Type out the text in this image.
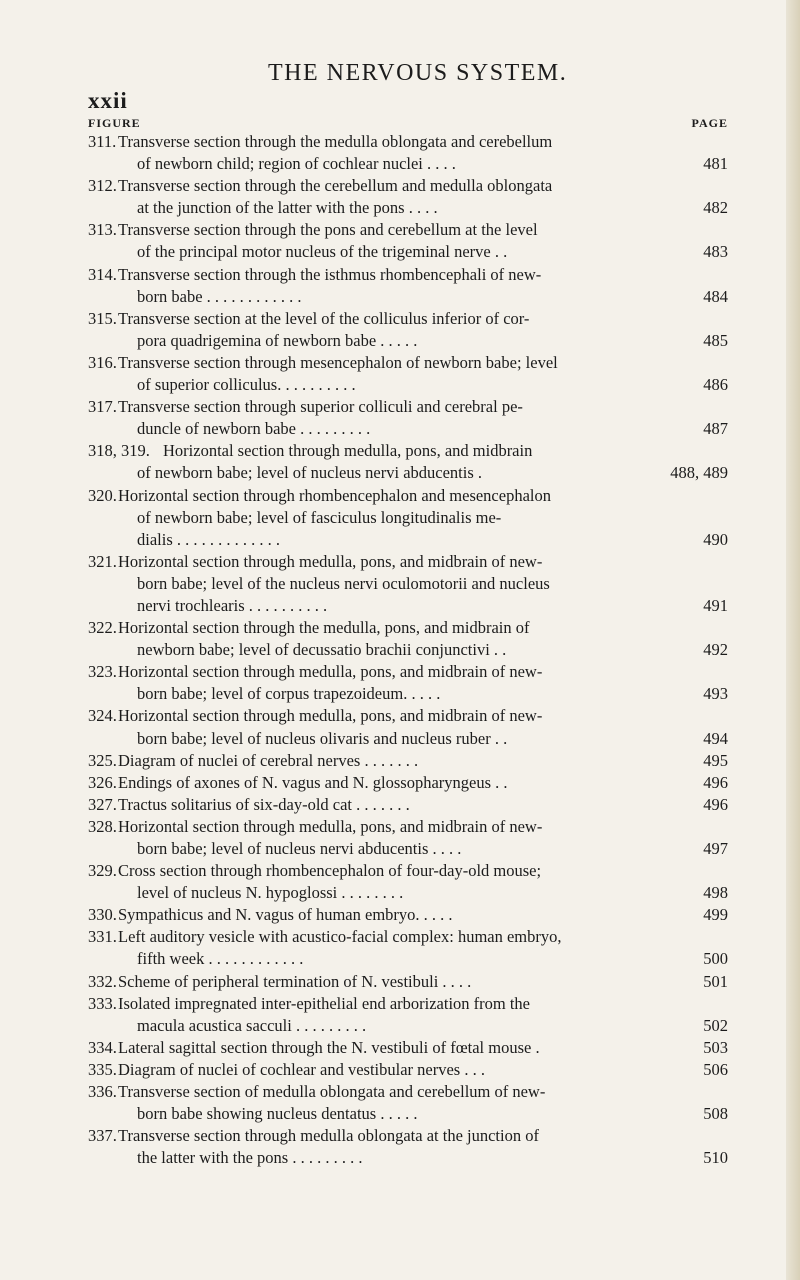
xxii
THE NERVOUS SYSTEM.
FIGURE	PAGE
311. Transverse section through the medulla oblongata and cerebellum
of newborn child; region of cochlear nuclei . . . .	481
312. Transverse section through the cerebellum and medulla oblongata
at the junction of the latter with the pons . . . .	482
313. Transverse section through the pons and cerebellum at the level
of the principal motor nucleus of the trigeminal nerve . .	483
314. Transverse section through the isthmus rhombencephali of new-
born babe . . . . . . . . . . . .	484
315. Transverse section at the level of the colliculus inferior of cor-
pora quadrigemina of newborn babe . . . . .	485
316. Transverse section through mesencephalon of newborn babe; level
of superior colliculus. . . . . . . . . .	486
317. Transverse section through superior colliculi and cerebral pe-
duncle of newborn babe . . . . . . . . .	487
318, 319. Horizontal section through medulla, pons, and midbrain
of newborn babe; level of nucleus nervi abducentis .	488, 489
320. Horizontal section through rhombencephalon and mesencephalon
of newborn babe; level of fasciculus longitudinalis me-
dialis . . . . . . . . . . . . .	490
321. Horizontal section through medulla, pons, and midbrain of new-
born babe; level of the nucleus nervi oculomotorii and nucleus
nervi trochlearis . . . . . . . . . .	491
322. Horizontal section through the medulla, pons, and midbrain of
newborn babe; level of decussatio brachii conjunctivi . .	492
323. Horizontal section through medulla, pons, and midbrain of new-
born babe; level of corpus trapezoideum. . . . .	493
324. Horizontal section through medulla, pons, and midbrain of new-
born babe; level of nucleus olivaris and nucleus ruber . .	494
325. Diagram of nuclei of cerebral nerves . . . . . . .	495
326. Endings of axones of N. vagus and N. glossopharyngeus . .	496
327. Tractus solitarius of six-day-old cat . . . . . . .	496
328. Horizontal section through medulla, pons, and midbrain of new-
born babe; level of nucleus nervi abducentis . . . .	497
329. Cross section through rhombencephalon of four-day-old mouse;
level of nucleus N. hypoglossi . . . . . . . .	498
330. Sympathicus and N. vagus of human embryo. . . . .	499
331. Left auditory vesicle with acustico-facial complex: human embryo,
fifth week . . . . . . . . . . . .	500
332. Scheme of peripheral termination of N. vestibuli . . . .	501
333. Isolated impregnated inter-epithelial end arborization from the
macula acustica sacculi . . . . . . . . .	502
334. Lateral sagittal section through the N. vestibuli of fœtal mouse .	503
335. Diagram of nuclei of cochlear and vestibular nerves . . .	506
336. Transverse section of medulla oblongata and cerebellum of new-
born babe showing nucleus dentatus . . . . .	508
337. Transverse section through medulla oblongata at the junction of
the latter with the pons . . . . . . . . .	510
